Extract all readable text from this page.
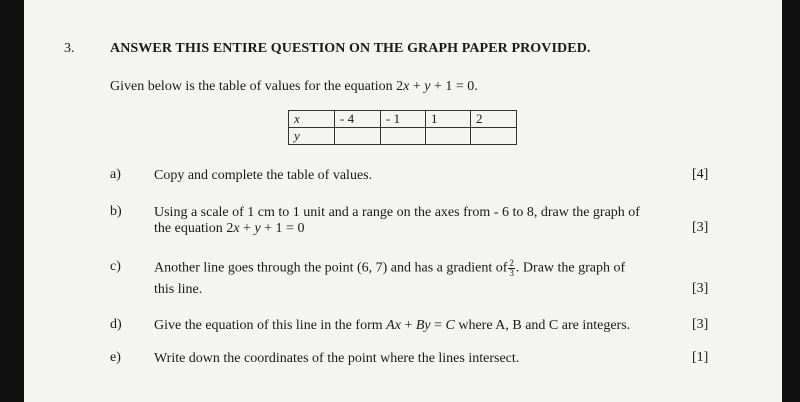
3.	ANSWER THIS ENTIRE QUESTION ON THE GRAPH PAPER PROVIDED.
Given below is the table of values for the equation 2x + y + 1 = 0.
x	- 4	- 1	1	2
y				
a) Copy and complete the table of values.	[4]
b) Using a scale of 1 cm to 1 unit and a range on the axes from - 6 to 8, draw the graph of
the equation 2x + y + 1 = 0	[3]
c) Another line goes through the point (6, 7) and has a gradient of $\frac{2}{3}$ . Draw the graph of
this line.	[3]
d) Give the equation of this line in the form Ax + By = C where A, B and C are integers.	[3]
e) Write down the coordinates of the point where the lines intersect.	[1]
